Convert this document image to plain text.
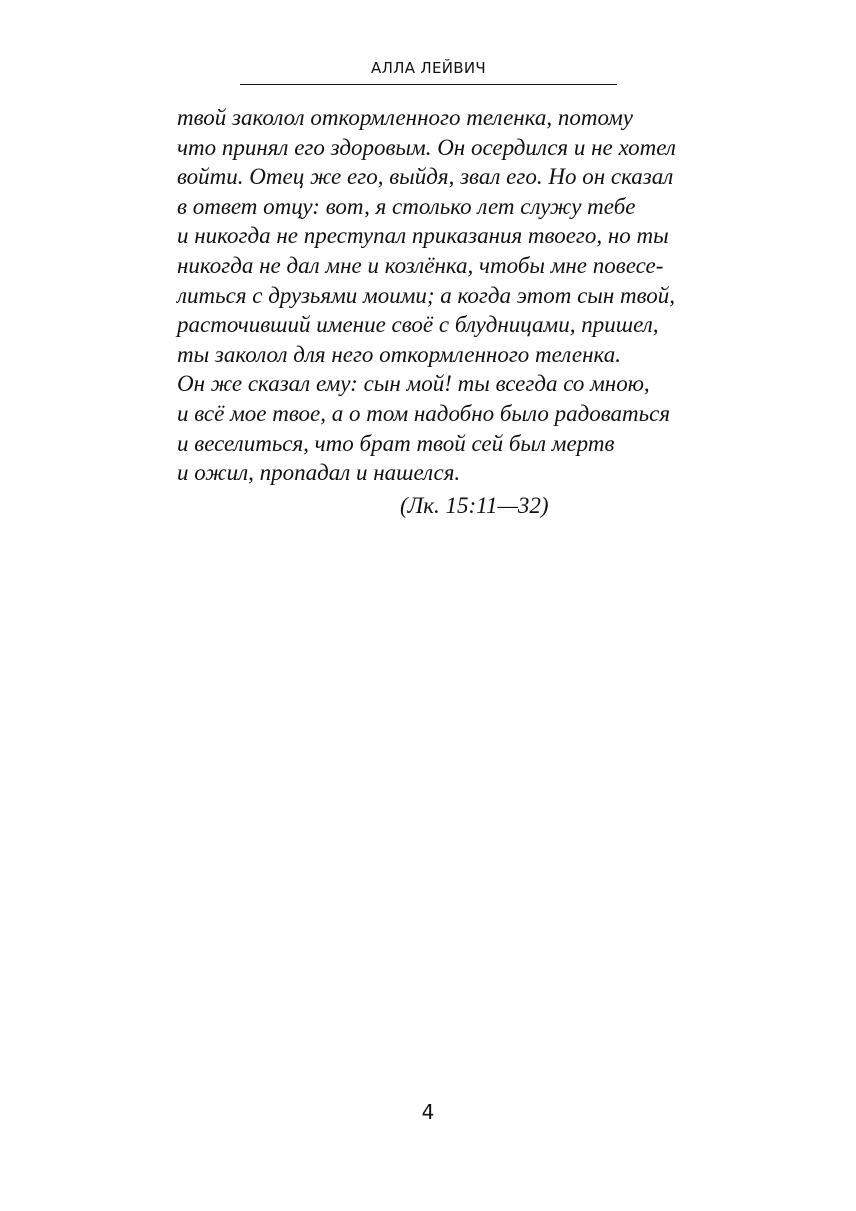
АЛЛА ЛЕЙВИЧ
твой заколол откормленного теленка, потому
что принял его здоровым. Он осердился и не хотел
войти. Отец же его, выйдя, звал его. Но он сказал
в ответ отцу: вот, я столько лет служу тебе
и никогда не преступал приказания твоего, но ты
никогда не дал мне и козлёнка, чтобы мне повесе-
литься с друзьями моими; а когда этот сын твой,
расточивший имение своё с блудницами, пришел,
ты заколол для него откормленного теленка.
Он же сказал ему: сын мой! ты всегда со мною,
и всё мое твое, а о том надобно было радоваться
и веселиться, что брат твой сей был мертв
и ожил, пропадал и нашелся.
(Лк. 15:11—32)
4
